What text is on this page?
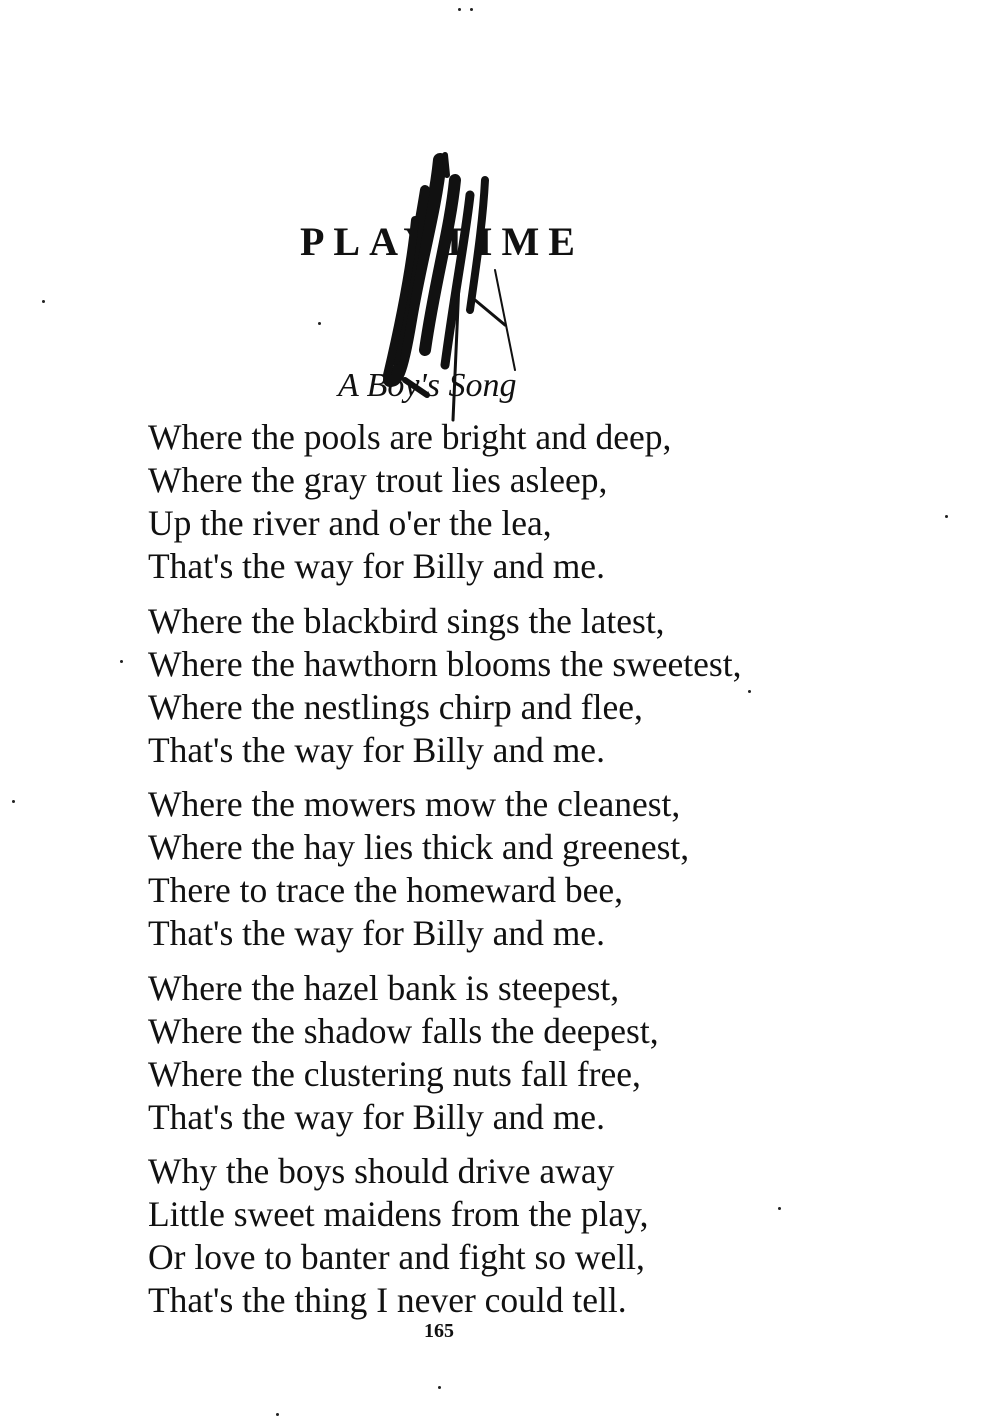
PLAYTIME
A Boy's Song
Where the pools are bright and deep,
Where the gray trout lies asleep,
Up the river and o'er the lea,
That's the way for Billy and me.
Where the blackbird sings the latest,
Where the hawthorn blooms the sweetest,
Where the nestlings chirp and flee,
That's the way for Billy and me.
Where the mowers mow the cleanest,
Where the hay lies thick and greenest,
There to trace the homeward bee,
That's the way for Billy and me.
Where the hazel bank is steepest,
Where the shadow falls the deepest,
Where the clustering nuts fall free,
That's the way for Billy and me.
Why the boys should drive away
Little sweet maidens from the play,
Or love to banter and fight so well,
That's the thing I never could tell.
165
